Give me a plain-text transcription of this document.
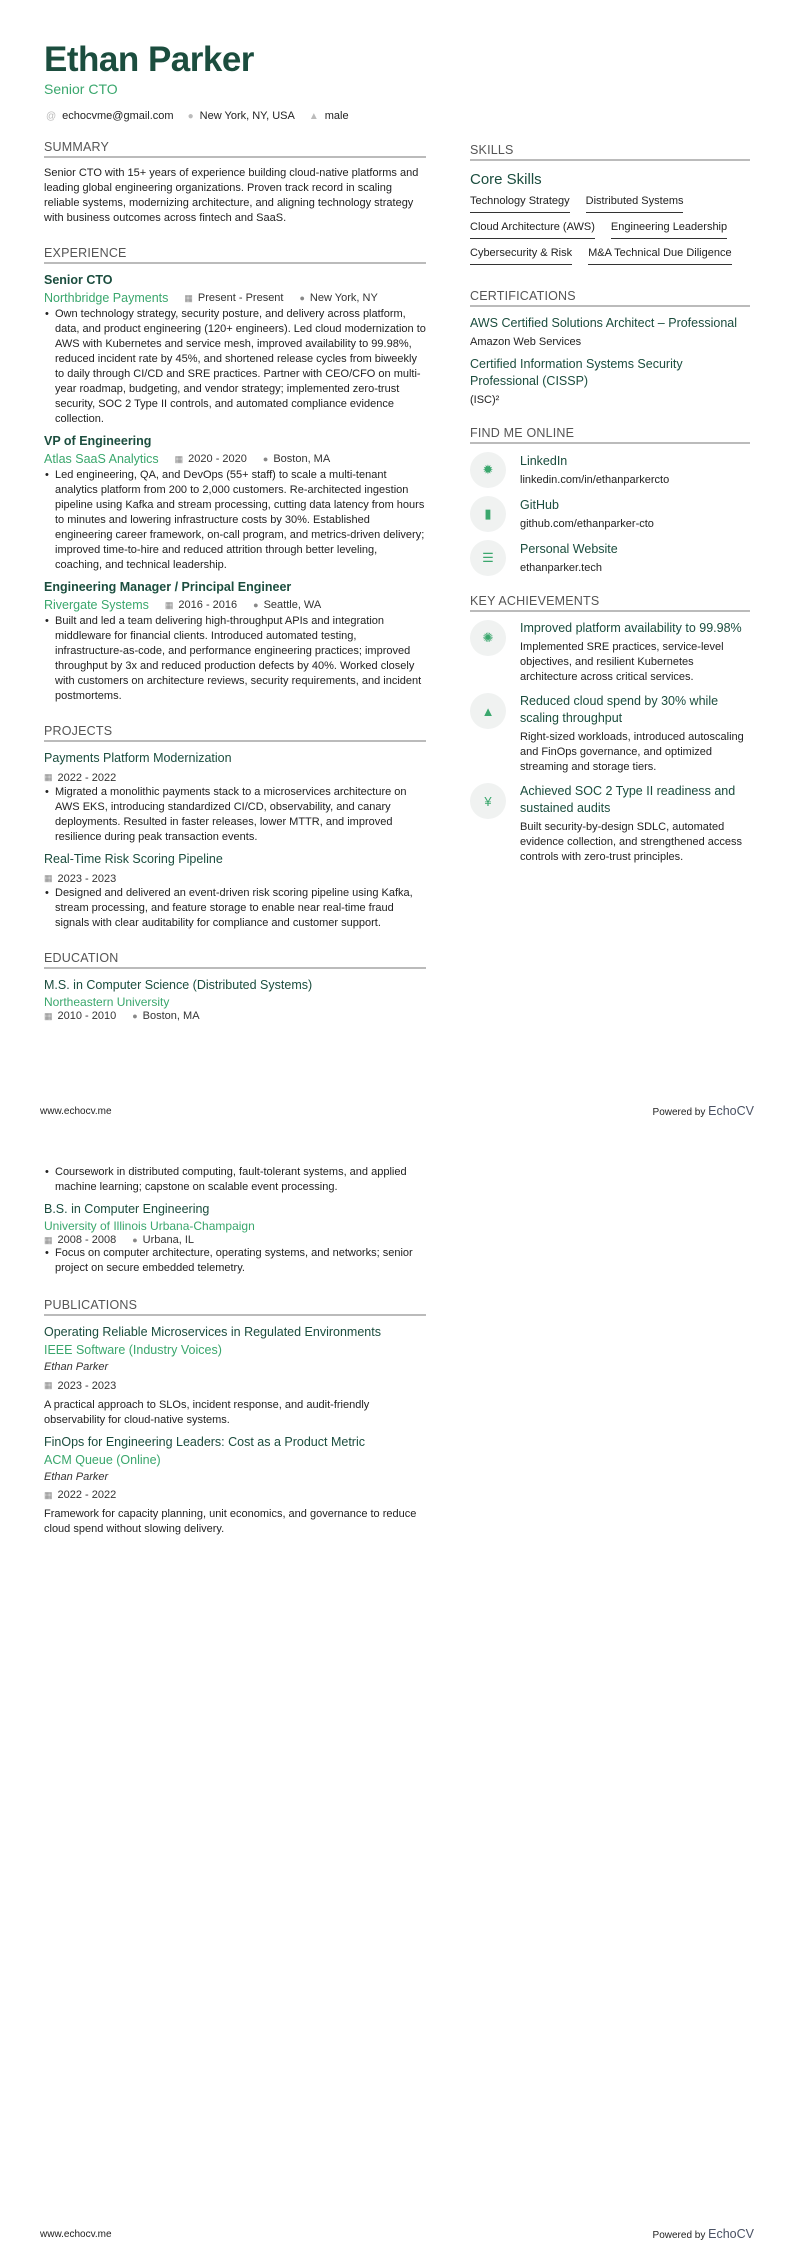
Ethan Parker
Senior CTO
@ echocvme@gmail.com ● New York, NY, USA ▲ male
SUMMARY
Senior CTO with 15+ years of experience building cloud-native platforms and leading global engineering organizations. Proven track record in scaling reliable systems, modernizing architecture, and aligning technology strategy with business outcomes across fintech and SaaS.
EXPERIENCE
Senior CTO
Northbridge Payments ▦ Present - Present ● New York, NY
• Own technology strategy, security posture, and delivery across platform, data, and product engineering (120+ engineers). Led cloud modernization to AWS with Kubernetes and service mesh, improved availability to 99.98%, reduced incident rate by 45%, and shortened release cycles from biweekly to daily through CI/CD and SRE practices. Partner with CEO/CFO on multi-year roadmap, budgeting, and vendor strategy; implemented zero-trust security, SOC 2 Type II controls, and automated compliance evidence collection.
VP of Engineering
Atlas SaaS Analytics ▦ 2020 - 2020 ● Boston, MA
• Led engineering, QA, and DevOps (55+ staff) to scale a multi-tenant analytics platform from 200 to 2,000 customers. Re-architected ingestion pipeline using Kafka and stream processing, cutting data latency from hours to minutes and lowering infrastructure costs by 30%. Established engineering career framework, on-call program, and metrics-driven delivery; improved time-to-hire and reduced attrition through better leveling, coaching, and technical leadership.
Engineering Manager / Principal Engineer
Rivergate Systems ▦ 2016 - 2016 ● Seattle, WA
• Built and led a team delivering high-throughput APIs and integration middleware for financial clients. Introduced automated testing, infrastructure-as-code, and performance engineering practices; improved throughput by 3x and reduced production defects by 40%. Worked closely with customers on architecture reviews, security requirements, and incident postmortems.
PROJECTS
Payments Platform Modernization
▦ 2022 - 2022
• Migrated a monolithic payments stack to a microservices architecture on AWS EKS, introducing standardized CI/CD, observability, and canary deployments. Resulted in faster releases, lower MTTR, and improved resilience during peak transaction events.
Real-Time Risk Scoring Pipeline
▦ 2023 - 2023
• Designed and delivered an event-driven risk scoring pipeline using Kafka, stream processing, and feature storage to enable near real-time fraud signals with clear auditability for compliance and customer support.
EDUCATION
M.S. in Computer Science (Distributed Systems)
Northeastern University
▦ 2010 - 2010 ● Boston, MA
SKILLS
Core Skills
Technology Strategy Distributed Systems
Cloud Architecture (AWS) Engineering Leadership
Cybersecurity & Risk M&A Technical Due Diligence
CERTIFICATIONS
AWS Certified Solutions Architect – Professional
Amazon Web Services
Certified Information Systems Security Professional (CISSP)
(ISC)²
FIND ME ONLINE
✹
LinkedIn
linkedin.com/in/ethanparkercto
▮
GitHub
github.com/ethanparker-cto
☰
Personal Website
ethanparker.tech
KEY ACHIEVEMENTS
✺
Improved platform availability to 99.98%
Implemented SRE practices, service-level objectives, and resilient Kubernetes architecture across critical services.
▲
Reduced cloud spend by 30% while scaling throughput
Right-sized workloads, introduced autoscaling and FinOps governance, and optimized streaming and storage tiers.
¥
Achieved SOC 2 Type II readiness and sustained audits
Built security-by-design SDLC, automated evidence collection, and strengthened access controls with zero-trust principles.
www.echocv.me	Powered by EchoCV
• Coursework in distributed computing, fault-tolerant systems, and applied machine learning; capstone on scalable event processing.
B.S. in Computer Engineering
University of Illinois Urbana-Champaign
▦ 2008 - 2008 ● Urbana, IL
• Focus on computer architecture, operating systems, and networks; senior project on secure embedded telemetry.
PUBLICATIONS
Operating Reliable Microservices in Regulated Environments
IEEE Software (Industry Voices)
Ethan Parker
▦ 2023 - 2023
A practical approach to SLOs, incident response, and audit-friendly observability for cloud-native systems.
FinOps for Engineering Leaders: Cost as a Product Metric
ACM Queue (Online)
Ethan Parker
▦ 2022 - 2022
Framework for capacity planning, unit economics, and governance to reduce cloud spend without slowing delivery.
www.echocv.me	Powered by EchoCV
